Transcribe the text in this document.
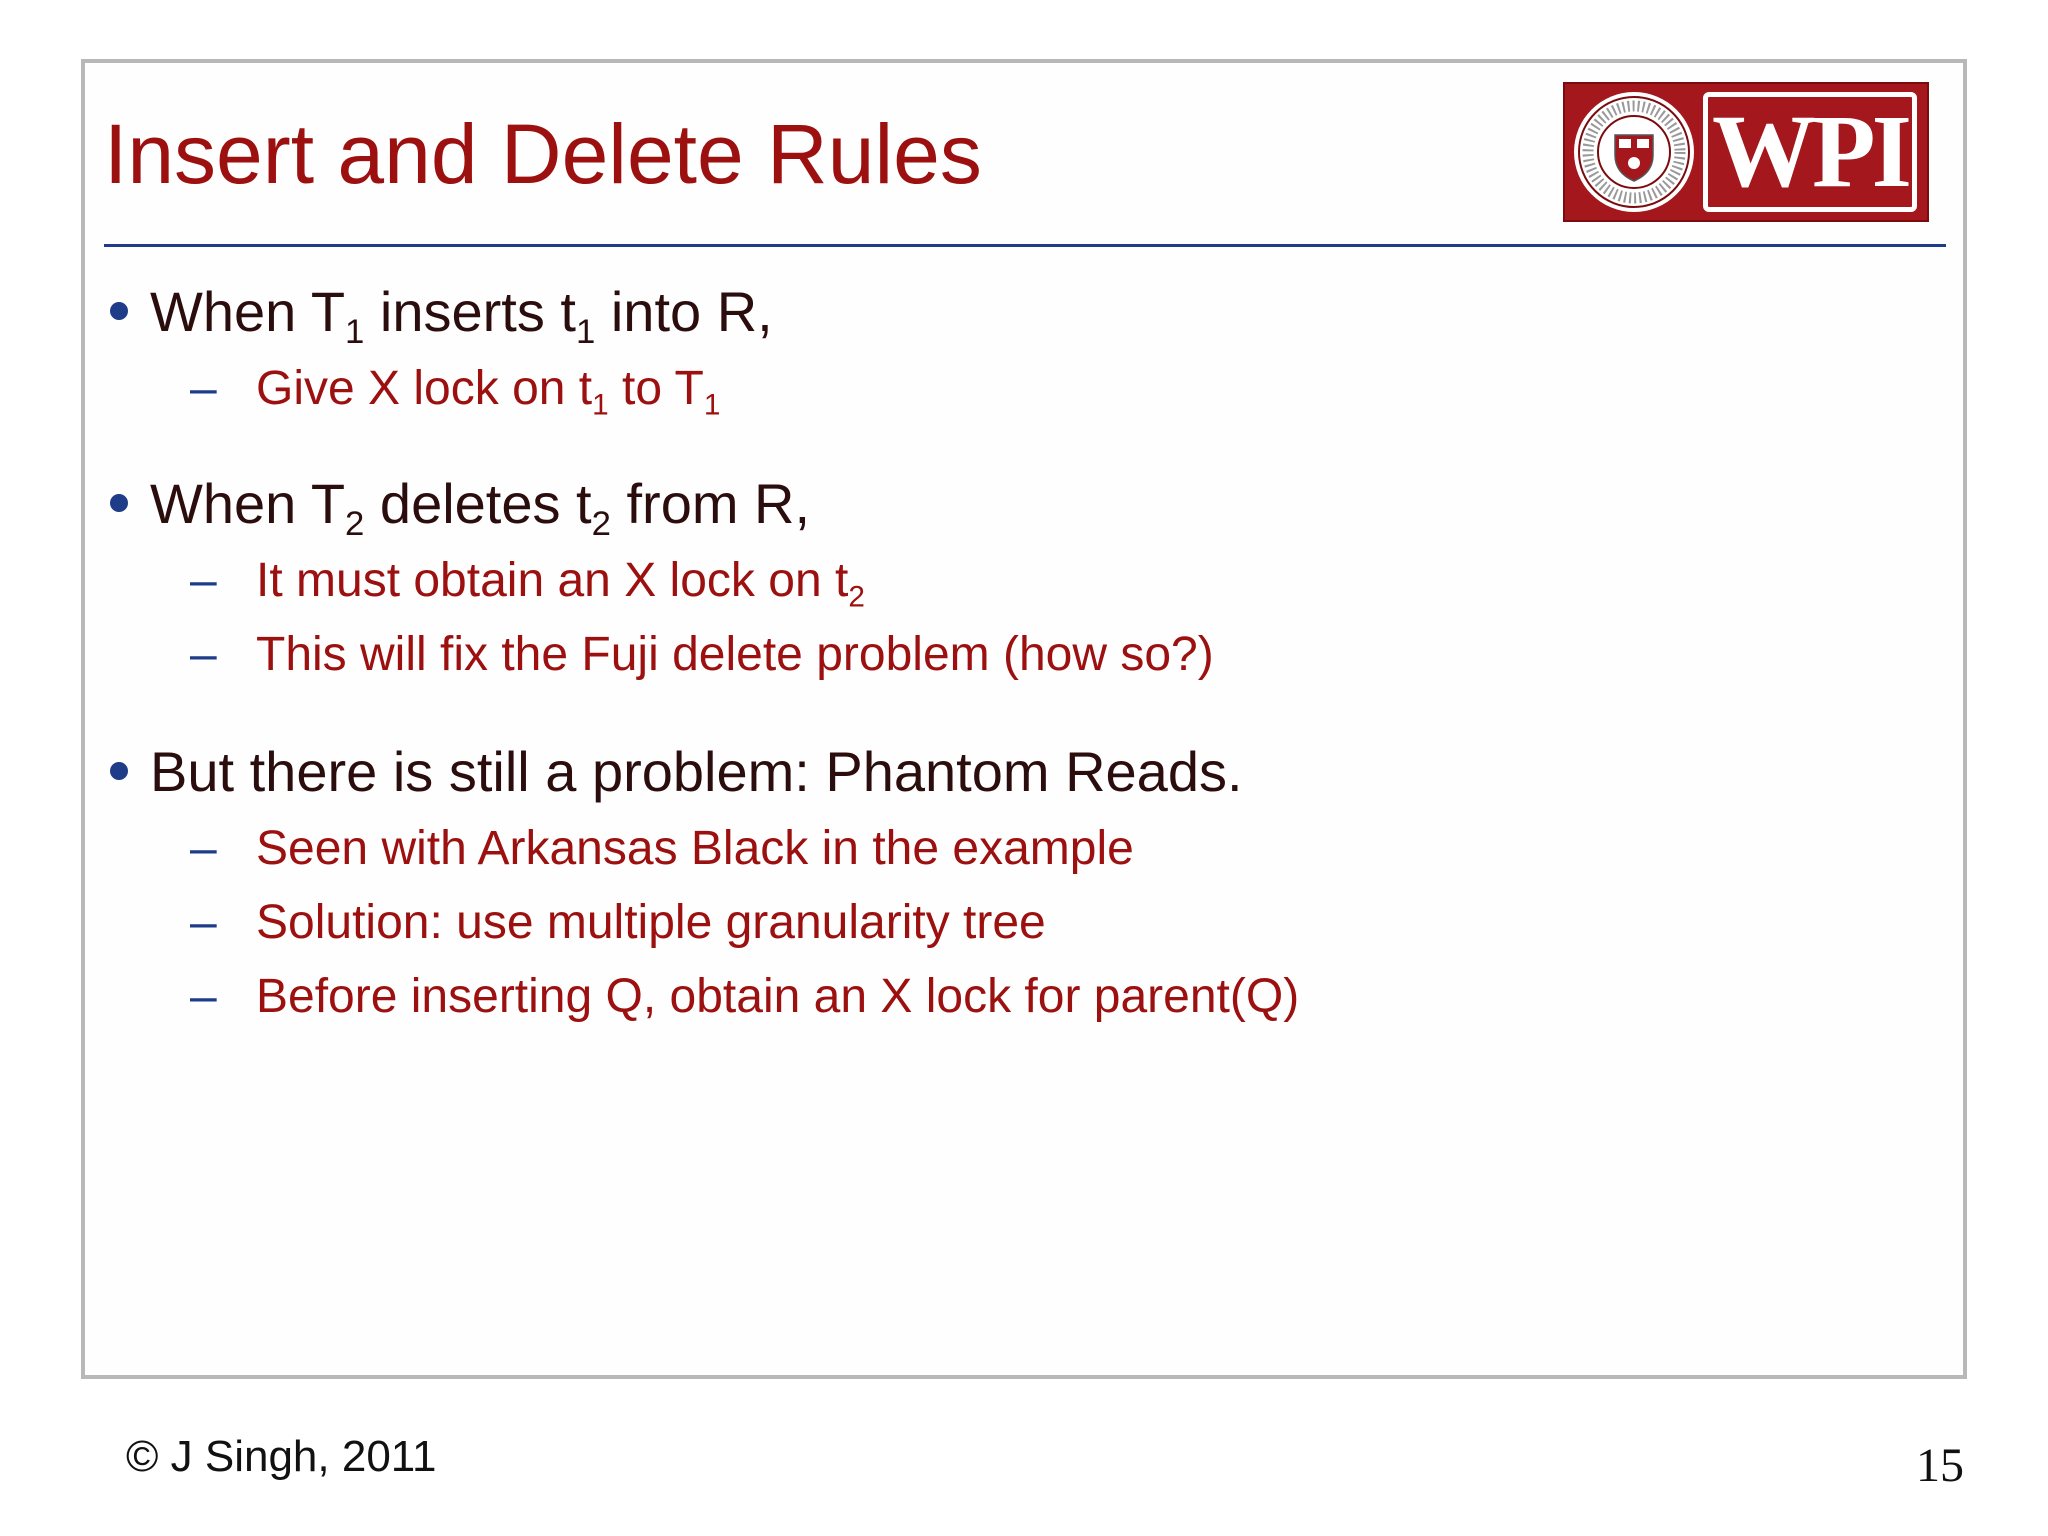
Insert and Delete Rules	WPI
When $T_1$ inserts $t_1$ into R,
– Give X lock on $t_1$ to $T_1$
When $T_2$ deletes $t_2$ from R,
– It must obtain an X lock on $t_2$
– This will fix the Fuji delete problem (how so?)
But there is still a problem: Phantom Reads.
– Seen with Arkansas Black in the example
– Solution: use multiple granularity tree
– Before inserting Q, obtain an X lock for parent(Q)
© J Singh, 2011	15
